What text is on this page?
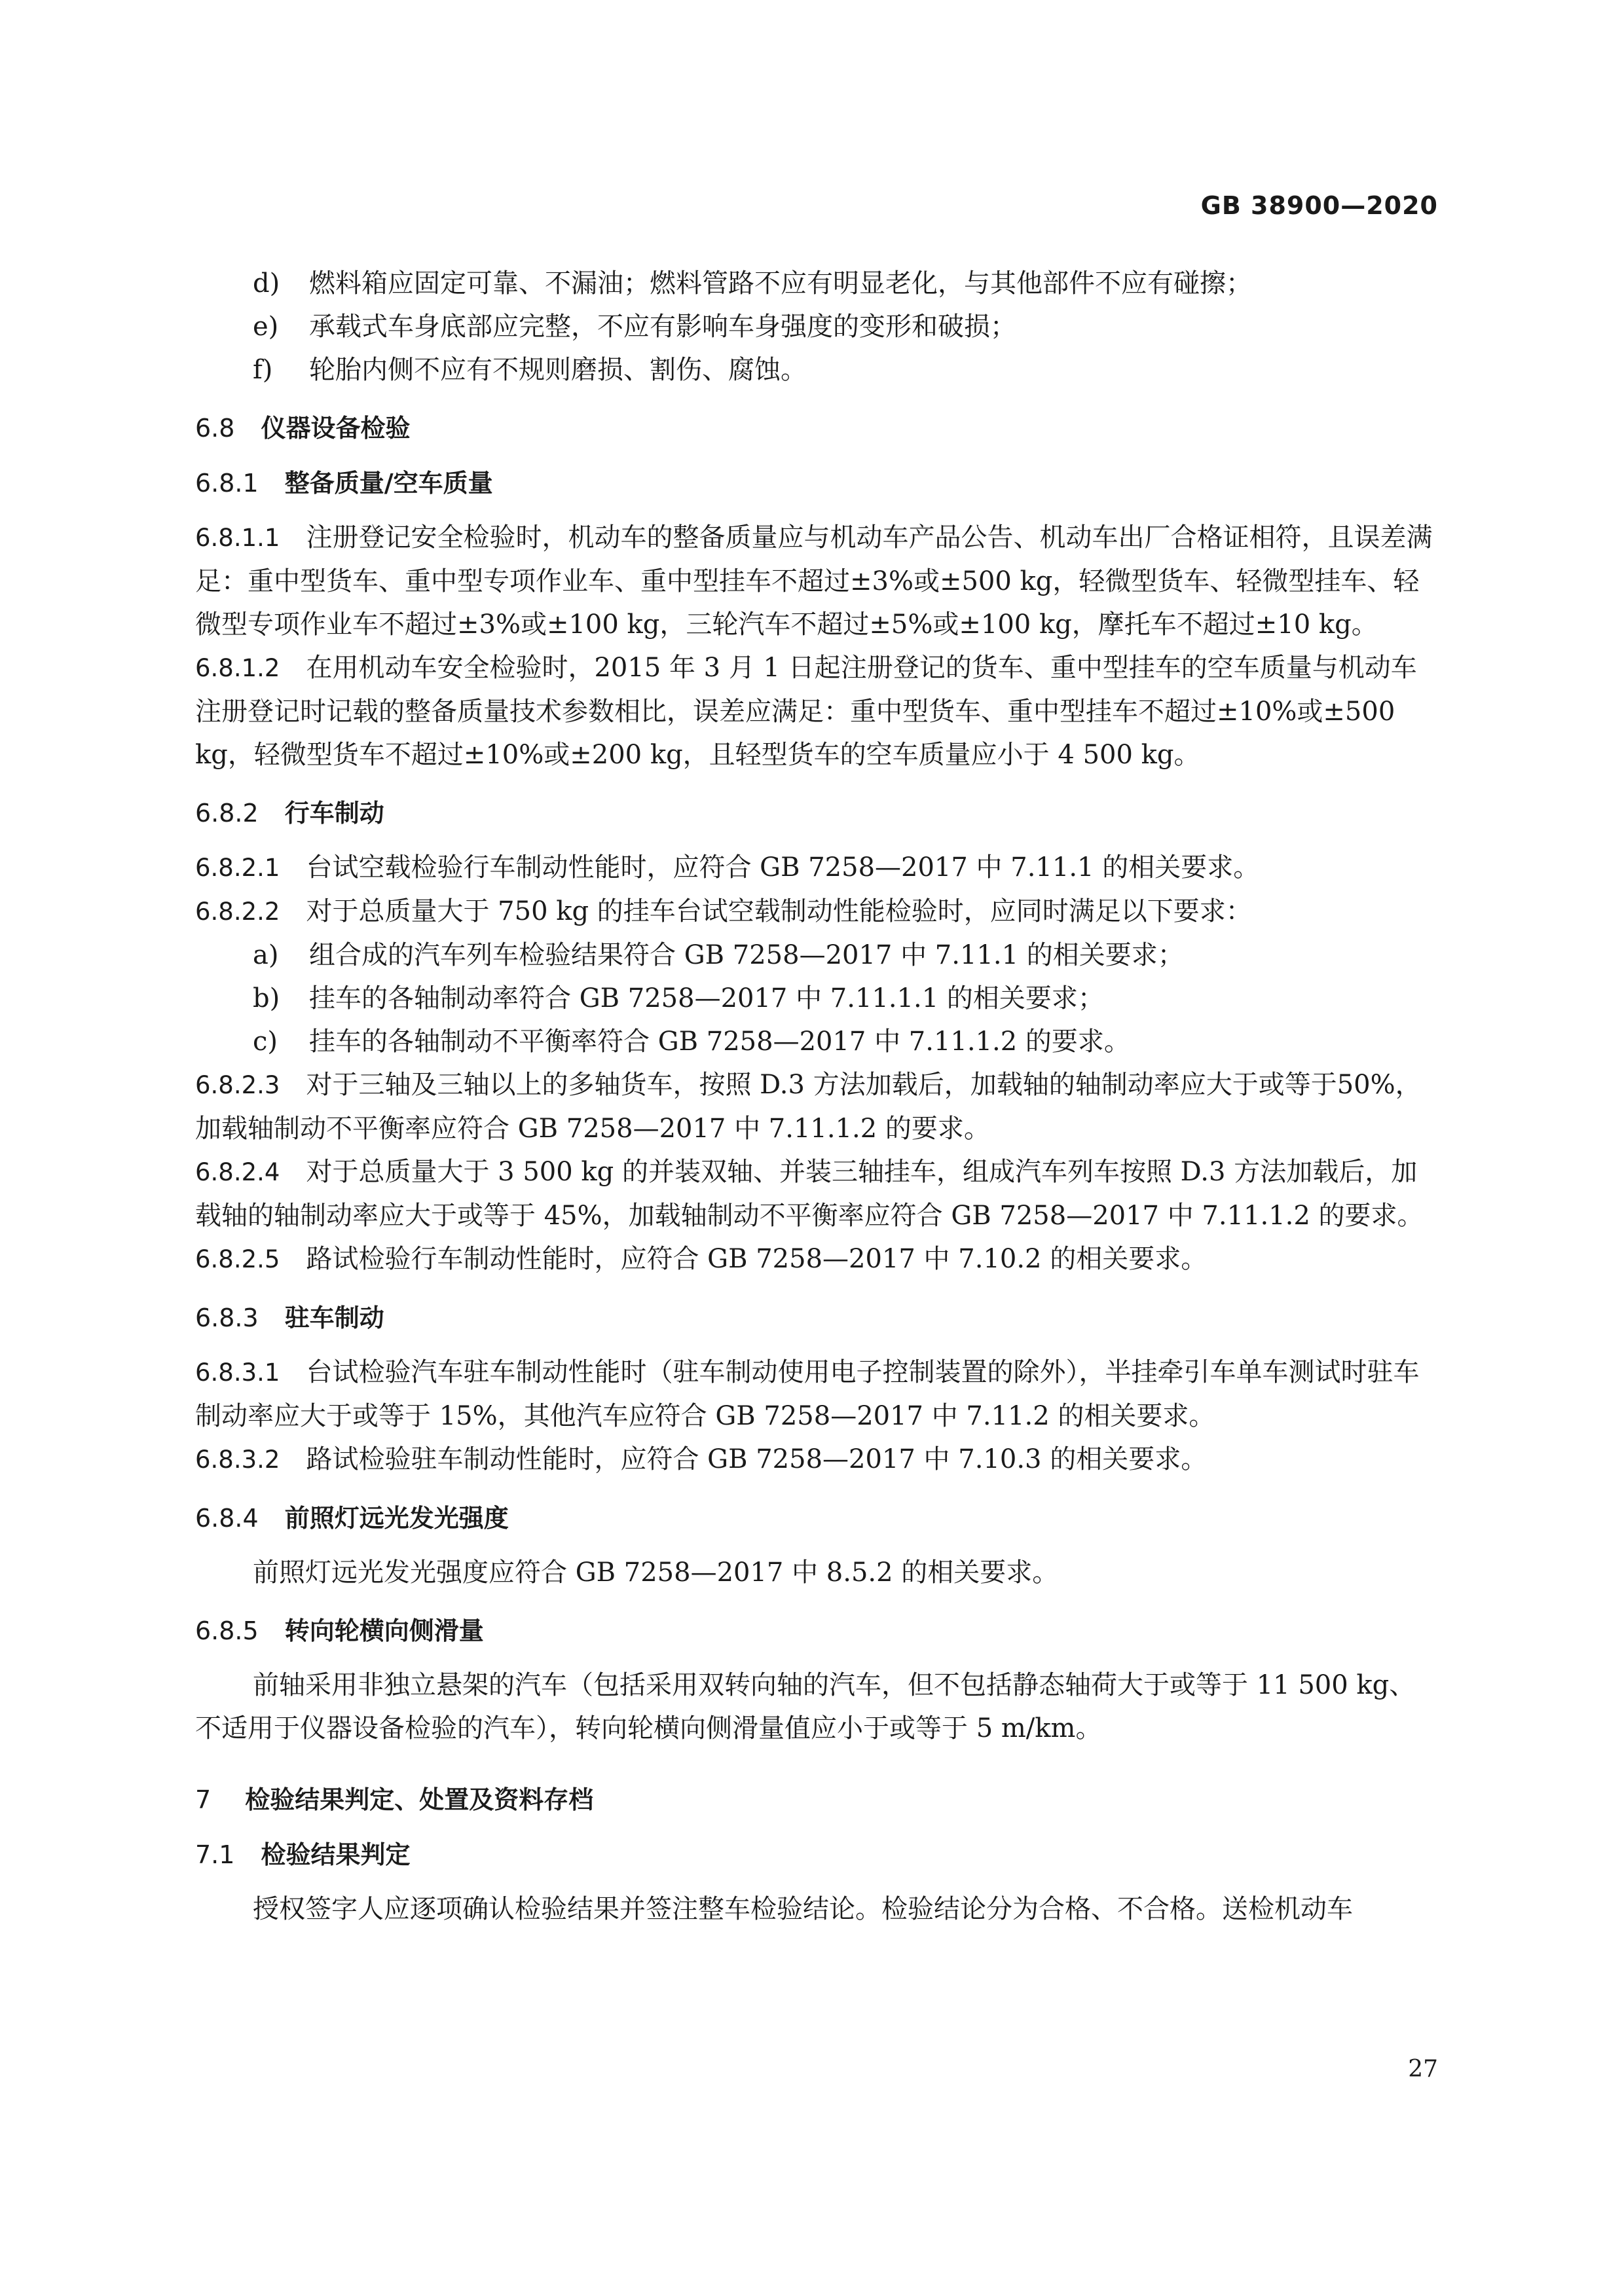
GB 38900—2020

d) 燃料箱应固定可靠、不漏油；燃料管路不应有明显老化，与其他部件不应有碰擦；

e) 承载式车身底部应完整，不应有影响车身强度的变形和破损；

f) 轮胎内侧不应有不规则磨损、割伤、腐蚀。

6.8 仪器设备检验
6.8.1 整备质量/空车质量

6.8.1.1 注册登记安全检验时，机动车的整备质量应与机动车产品公告、机动车出厂合格证相符，且误差满足：重中型货车、重中型专项作业车、重中型挂车不超过±3%或±500 kg，轻微型货车、轻微型挂车、轻微型专项作业车不超过±3%或±100 kg，三轮汽车不超过±5%或±100 kg，摩托车不超过±10 kg。

6.8.1.2 在用机动车安全检验时，2015 年 3 月 1 日起注册登记的货车、重中型挂车的空车质量与机动车注册登记时记载的整备质量技术参数相比，误差应满足：重中型货车、重中型挂车不超过±10%或±500 kg，轻微型货车不超过±10%或±200 kg，且轻型货车的空车质量应小于 4 500 kg。

6.8.2 行车制动

6.8.2.1 台试空载检验行车制动性能时，应符合 GB 7258—2017 中 7.11.1 的相关要求。

6.8.2.2 对于总质量大于 750 kg 的挂车台试空载制动性能检验时，应同时满足以下要求：

a) 组合成的汽车列车检验结果符合 GB 7258—2017 中 7.11.1 的相关要求；

b) 挂车的各轴制动率符合 GB 7258—2017 中 7.11.1.1 的相关要求；

c) 挂车的各轴制动不平衡率符合 GB 7258—2017 中 7.11.1.2 的要求。

6.8.2.3 对于三轴及三轴以上的多轴货车，按照 D.3 方法加载后，加载轴的轴制动率应大于或等于50%，加载轴制动不平衡率应符合 GB 7258—2017 中 7.11.1.2 的要求。

6.8.2.4 对于总质量大于 3 500 kg 的并装双轴、并装三轴挂车，组成汽车列车按照 D.3 方法加载后，加载轴的轴制动率应大于或等于 45%，加载轴制动不平衡率应符合 GB 7258—2017 中 7.11.1.2 的要求。

6.8.2.5 路试检验行车制动性能时，应符合 GB 7258—2017 中 7.10.2 的相关要求。

6.8.3 驻车制动

6.8.3.1 台试检验汽车驻车制动性能时（驻车制动使用电子控制装置的除外），半挂牵引车单车测试时驻车制动率应大于或等于 15%，其他汽车应符合 GB 7258—2017 中 7.11.2 的相关要求。

6.8.3.2 路试检验驻车制动性能时，应符合 GB 7258—2017 中 7.10.3 的相关要求。

6.8.4 前照灯远光发光强度

前照灯远光发光强度应符合 GB 7258—2017 中 8.5.2 的相关要求。

6.8.5 转向轮横向侧滑量

前轴采用非独立悬架的汽车（包括采用双转向轴的汽车，但不包括静态轴荷大于或等于 11 500 kg、不适用于仪器设备检验的汽车），转向轮横向侧滑量值应小于或等于 5 m/km。

7 检验结果判定、处置及资料存档
7.1 检验结果判定

授权签字人应逐项确认检验结果并签注整车检验结论。检验结论分为合格、不合格。送检机动车

27
